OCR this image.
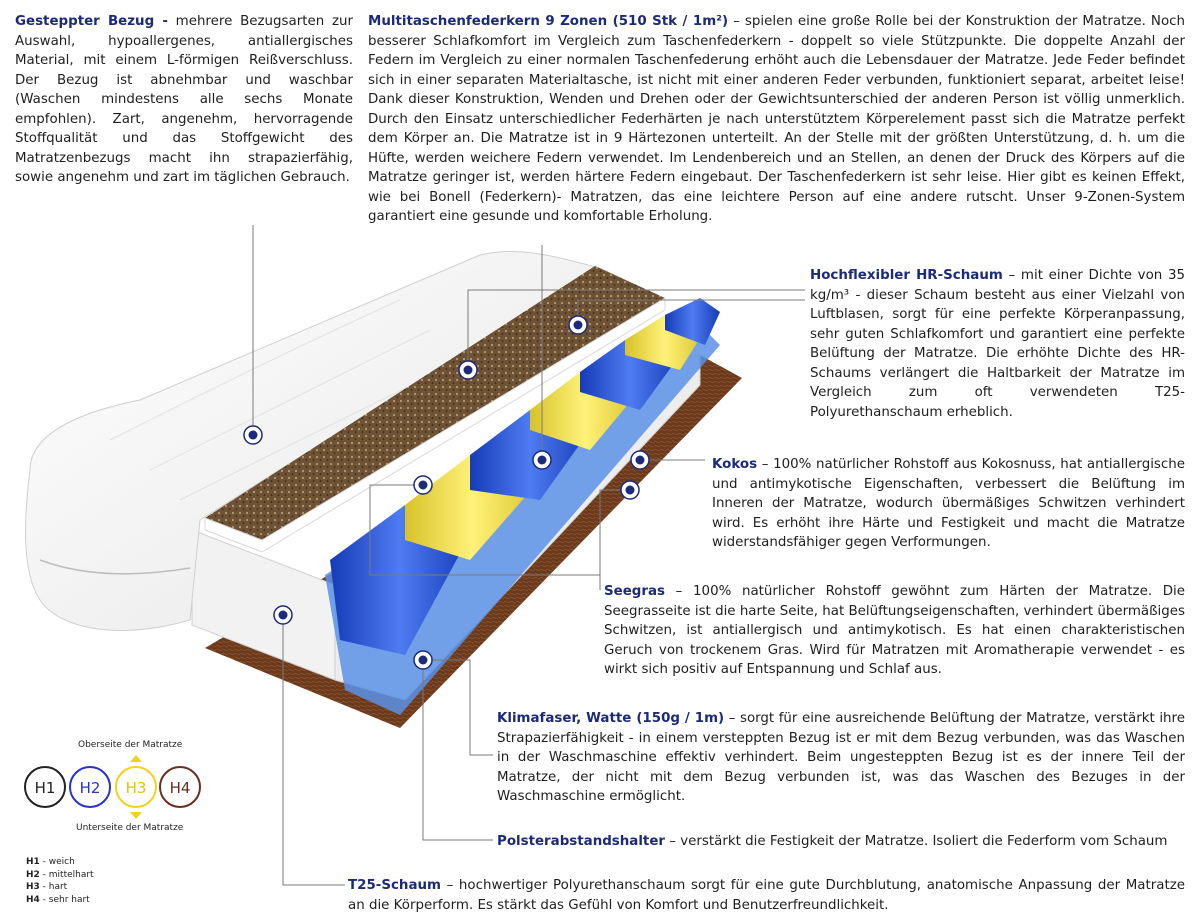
H1 H2 H3 H4
Gesteppter Bezug - mehrere Bezugsarten zur Auswahl, hypoallergenes, antiallergisches Material, mit einem L-förmigen Reißverschluss. Der Bezug ist abnehmbar und waschbar (Waschen mindestens alle sechs Monate empfohlen). Zart, angenehm, hervorragende Stoffqualität und das Stoffgewicht des Matratzenbezugs macht ihn strapazierfähig, sowie angenehm und zart im täglichen Gebrauch.
Multitaschenfederkern 9 Zonen (510 Stk / 1m²) – spielen eine große Rolle bei der Konstruktion der Matratze. Noch besserer Schlafkomfort im Vergleich zum Taschenfederkern - doppelt so viele Stützpunkte. Die doppelte Anzahl der Federn im Vergleich zu einer normalen Taschenfederung erhöht auch die Lebensdauer der Matratze. Jede Feder befindet sich in einer separaten Materialtasche, ist nicht mit einer anderen Feder verbunden, funktioniert separat, arbeitet leise! Dank dieser Konstruktion, Wenden und Drehen oder der Gewichtsunterschied der anderen Person ist völlig unmerklich. Durch den Einsatz unterschiedlicher Federhärten je nach unterstütztem Körperelement passt sich die Matratze perfekt dem Körper an. Die Matratze ist in 9 Härtezonen unterteilt. An der Stelle mit der größten Unterstützung, d. h. um die Hüfte, werden weichere Federn verwendet. Im Lendenbereich und an Stellen, an denen der Druck des Körpers auf die Matratze geringer ist, werden härtere Federn eingebaut. Der Taschenfederkern ist sehr leise. Hier gibt es keinen Effekt, wie bei Bonell (Federkern)- Matratzen, das eine leichtere Person auf eine andere rutscht. Unser 9-Zonen-System garantiert eine gesunde und komfortable Erholung.
Hochflexibler HR-Schaum – mit einer Dichte von 35 kg/m³ - dieser Schaum besteht aus einer Vielzahl von Luftblasen, sorgt für eine perfekte Körperanpassung, sehr guten Schlafkomfort und garantiert eine perfekte Belüftung der Matratze. Die erhöhte Dichte des HR-Schaums verlängert die Haltbarkeit der Matratze im Vergleich zum oft verwendeten T25-Polyurethanschaum erheblich.
Kokos – 100% natürlicher Rohstoff aus Kokosnuss, hat antiallergische und antimykotische Eigenschaften, verbessert die Belüftung im Inneren der Matratze, wodurch übermäßiges Schwitzen verhindert wird. Es erhöht ihre Härte und Festigkeit und macht die Matratze widerstandsfähiger gegen Verformungen.
Seegras – 100% natürlicher Rohstoff gewöhnt zum Härten der Matratze. Die Seegrasseite ist die harte Seite, hat Belüftungseigenschaften, verhindert übermäßiges Schwitzen, ist antiallergisch und antimykotisch. Es hat einen charakteristischen Geruch von trockenem Gras. Wird für Matratzen mit Aromatherapie verwendet - es wirkt sich positiv auf Entspannung und Schlaf aus.
Klimafaser, Watte (150g / 1m) – sorgt für eine ausreichende Belüftung der Matratze, verstärkt ihre Strapazierfähigkeit - in einem versteppten Bezug ist er mit dem Bezug verbunden, was das Waschen in der Waschmaschine effektiv verhindert. Beim ungesteppten Bezug ist es der innere Teil der Matratze, der nicht mit dem Bezug verbunden ist, was das Waschen des Bezuges in der Waschmaschine ermöglicht.
Polsterabstandshalter – verstärkt die Festigkeit der Matratze. Isoliert die Federform vom Schaum
T25-Schaum – hochwertiger Polyurethanschaum sorgt für eine gute Durchblutung, anatomische Anpassung der Matratze an die Körperform. Es stärkt das Gefühl von Komfort und Benutzerfreundlichkeit.
Oberseite der Matratze
Unterseite der Matratze
H1 - weich
H2 - mittelhart
H3 - hart
H4 - sehr hart
